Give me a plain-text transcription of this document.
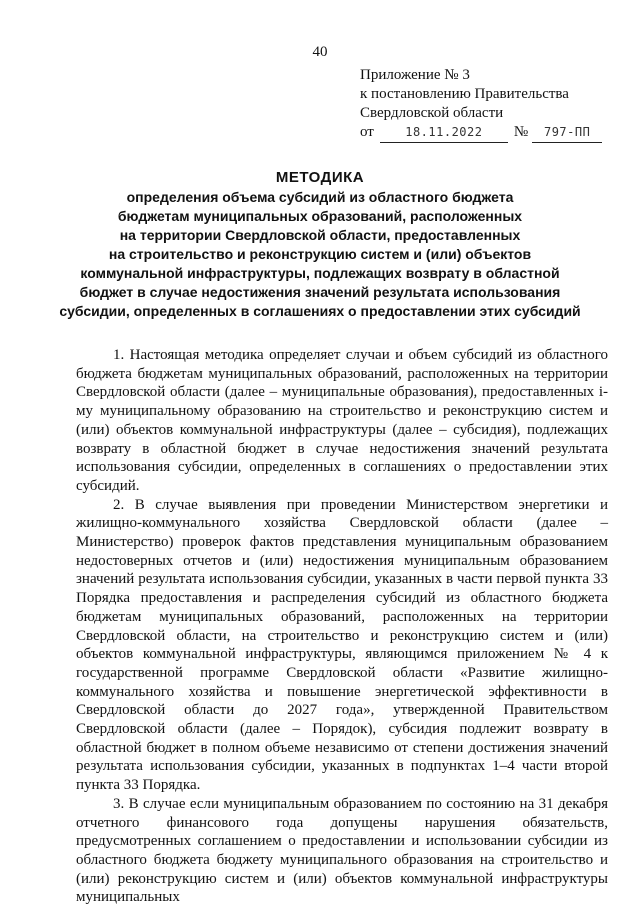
40
Приложение № 3
к постановлению Правительства
Свердловской области
от	18.11.2022	№	797-ПП
МЕТОДИКА
определения объема субсидий из областного бюджета
бюджетам муниципальных образований, расположенных
на территории Свердловской области, предоставленных
на строительство и реконструкцию систем и (или) объектов
коммунальной инфраструктуры, подлежащих возврату в областной
бюджет в случае недостижения значений результата использования
субсидии, определенных в соглашениях о предоставлении этих субсидий

1. Настоящая методика определяет случаи и объем субсидий из областного бюджета бюджетам муниципальных образований, расположенных на территории Свердловской области (далее – муниципальные образования), предоставленных i-му муниципальному образованию на строительство и реконструкцию систем и (или) объектов коммунальной инфраструктуры (далее – субсидия), подлежащих возврату в областной бюджет в случае недостижения значений результата использования субсидии, определенных в соглашениях о предоставлении этих субсидий.

2. В случае выявления при проведении Министерством энергетики и жилищно-коммунального хозяйства Свердловской области (далее – Министерство) проверок фактов представления муниципальным образованием недостоверных отчетов и (или) недостижения муниципальным образованием значений результата использования субсидии, указанных в части первой пункта 33 Порядка предоставления и распределения субсидий из областного бюджета бюджетам муниципальных образований, расположенных на территории Свердловской области, на строительство и реконструкцию систем и (или) объектов коммунальной инфраструктуры, являющимся приложением № 4 к государственной программе Свердловской области «Развитие жилищно-коммунального хозяйства и повышение энергетической эффективности в Свердловской области до 2027 года», утвержденной Правительством Свердловской области (далее – Порядок), субсидия подлежит возврату в областной бюджет в полном объеме независимо от степени достижения значений результата использования субсидии, указанных в подпунктах 1–4 части второй пункта 33 Порядка.

3. В случае если муниципальным образованием по состоянию на 31 декабря отчетного финансового года допущены нарушения обязательств, предусмотренных соглашением о предоставлении и использовании субсидии из областного бюджета бюджету муниципального образования на строительство и (или) реконструкцию систем и (или) объектов коммунальной инфраструктуры муниципальных
